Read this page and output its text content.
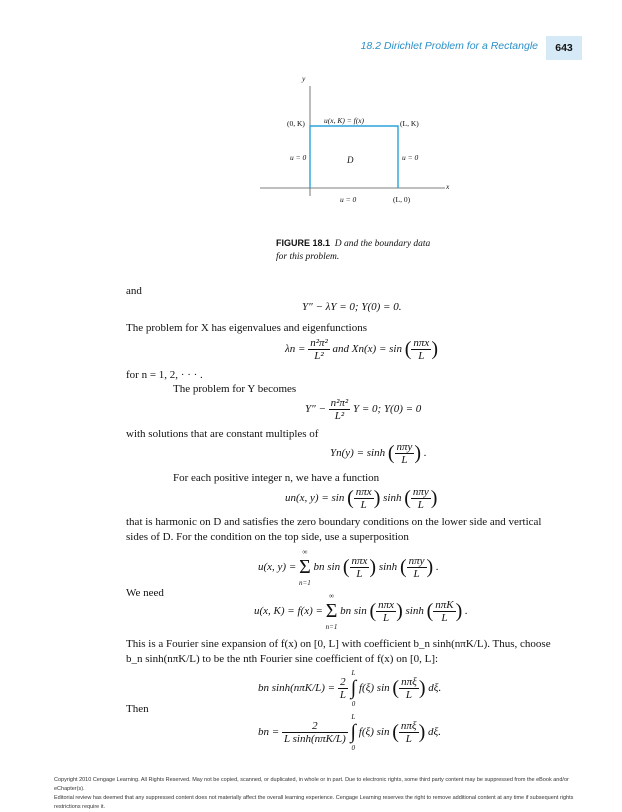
18.2 Dirichlet Problem for a Rectangle	643
y
x
(0, K)	(L, K)
(L, 0)
u(x, K) = f(x)
u = 0	u = 0
u = 0
D
FIGURE 18.1 D and the boundary data
for this problem.
and
Y″ − λY = 0; Y(0) = 0.
The problem for X has eigenvalues and eigenfunctions
$\lambda n = \frac{\text{n²π²}}{\text{L²}}$ and Xn(x) = sin ( $\frac{\text{nπx}}{L}$ )
for n = 1, 2, · · · .
The problem for Y becomes
$Y'' - \frac{\text{n²π²}}{\text{L²}}$ Y = 0; Y(0) = 0
with solutions that are constant multiples of
Yn(y) = sinh ( $\frac{\text{nπy}}{L}$ ) .
For each positive integer n, we have a function
un(x, y) = sin ( $\frac{\text{nπx}}{L}$ ) sinh ( $\frac{\text{nπy}}{L}$ )
that is harmonic on D and satisfies the zero boundary conditions on the lower side and vertical
sides of D. For the condition on the top side, use a superposition
u(x, y) =
∞
Σ
n=1
bn sin ( $\frac{\text{nπx}}{L}$ ) sinh ( $\frac{\text{nπy}}{L}$ ) .
We need
u(x, K) = f(x) =
∞
Σ
n=1
bn sin ( $\frac{\text{nπx}}{L}$ ) sinh ( $\frac{\text{nπK}}{L}$ ) .
This is a Fourier sine expansion of f(x) on [0, L] with coefficient b_n sinh(nπK/L). Thus, choose
b_n sinh(nπK/L) to be the nth Fourier sine coefficient of f(x) on [0, L]:
bn $\sinh(n\pi K/L) = \frac{2}{L}$

L
∫
0
f(ξ) sin ( $\frac{\text{nπξ}}{L}$ ) dξ.
Then
bn = $\frac{2}{\text{L sinh(nπK/L)}}$

L
∫
0
f(ξ) sin ( $\frac{\text{nπξ}}{L}$ ) dξ.
Copyright 2010 Cengage Learning. All Rights Reserved. May not be copied, scanned, or duplicated, in whole or in part. Due to electronic rights, some third party content may be suppressed from the eBook and/or eChapter(s).
Editorial review has deemed that any suppressed content does not materially affect the overall learning experience. Cengage Learning reserves the right to remove additional content at any time if subsequent rights restrictions require it.
